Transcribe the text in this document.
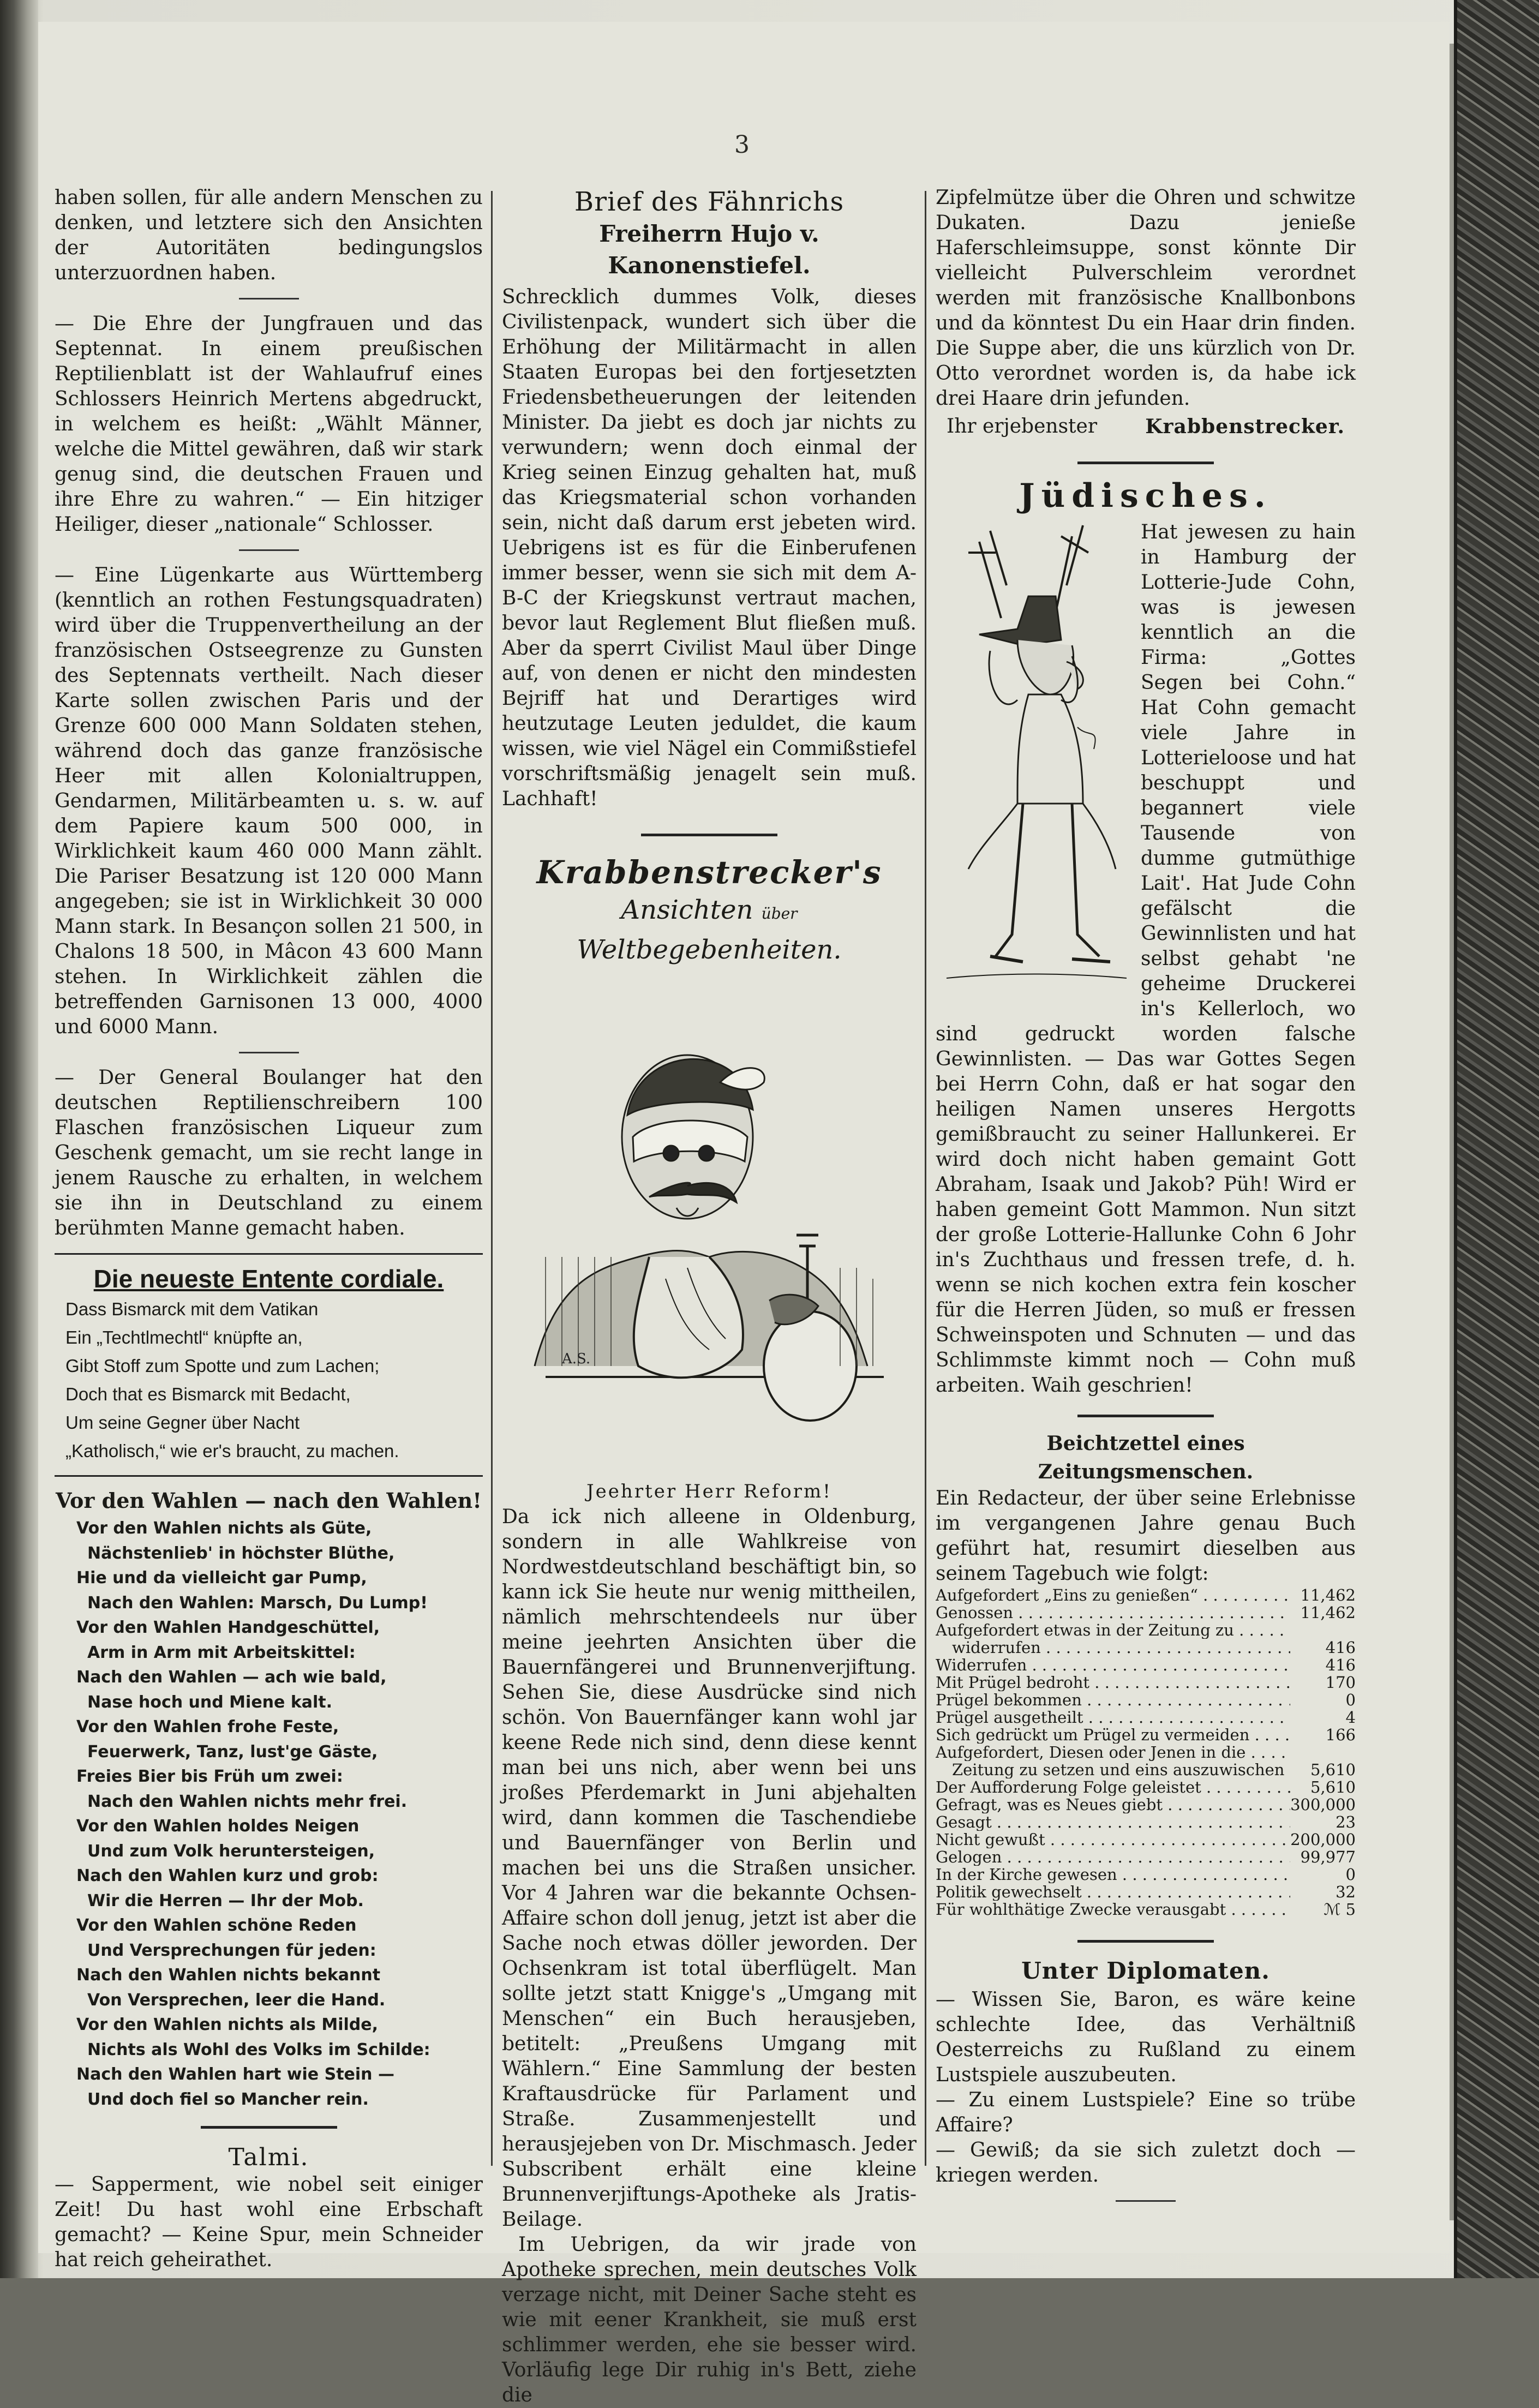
3

haben sollen, für alle andern Menschen zu denken, und letztere sich den Ansichten der Autoritäten bedingungslos unterzuordnen haben.

— Die Ehre der Jungfrauen und das Septennat. In einem preußischen Reptilienblatt ist der Wahlaufruf eines Schlossers Heinrich Mertens abgedruckt, in welchem es heißt: „Wählt Männer, welche die Mittel gewähren, daß wir stark genug sind, die deutschen Frauen und ihre Ehre zu wahren.“ — Ein hitziger Heiliger, dieser „nationale“ Schlosser.

— Eine Lügenkarte aus Württemberg (kenntlich an rothen Festungsquadraten) wird über die Truppenvertheilung an der französischen Ostseegrenze zu Gunsten des Septennats vertheilt. Nach dieser Karte sollen zwischen Paris und der Grenze 600 000 Mann Soldaten stehen, während doch das ganze französische Heer mit allen Kolonialtruppen, Gendarmen, Militärbeamten u. s. w. auf dem Papiere kaum 500 000, in Wirklichkeit kaum 460 000 Mann zählt. Die Pariser Besatzung ist 120 000 Mann angegeben; sie ist in Wirklichkeit 30 000 Mann stark. In Besançon sollen 21 500, in Chalons 18 500, in Mâcon 43 600 Mann stehen. In Wirklichkeit zählen die betreffenden Garnisonen 13 000, 4000 und 6000 Mann.

— Der General Boulanger hat den deutschen Reptilienschreibern 100 Flaschen französischen Liqueur zum Geschenk gemacht, um sie recht lange in jenem Rausche zu erhalten, in welchem sie ihn in Deutschland zu einem berühmten Manne gemacht haben.

Die neueste Entente cordiale.
Dass Bismarck mit dem Vatikan
Ein „Techtlmechtl“ knüpfte an,
Gibt Stoff zum Spotte und zum Lachen;
Doch that es Bismarck mit Bedacht,
Um seine Gegner über Nacht
„Katholisch,“ wie er's braucht, zu machen.
Vor den Wahlen — nach den Wahlen!
Vor den Wahlen nichts als Güte,
Nächstenlieb' in höchster Blüthe,
Hie und da vielleicht gar Pump,
Nach den Wahlen: Marsch, Du Lump!
Vor den Wahlen Handgeschüttel,
Arm in Arm mit Arbeitskittel:
Nach den Wahlen — ach wie bald,
Nase hoch und Miene kalt.
Vor den Wahlen frohe Feste,
Feuerwerk, Tanz, lust'ge Gäste,
Freies Bier bis Früh um zwei:
Nach den Wahlen nichts mehr frei.
Vor den Wahlen holdes Neigen
Und zum Volk heruntersteigen,
Nach den Wahlen kurz und grob:
Wir die Herren — Ihr der Mob.
Vor den Wahlen schöne Reden
Und Versprechungen für jeden:
Nach den Wahlen nichts bekannt
Von Versprechen, leer die Hand.
Vor den Wahlen nichts als Milde,
Nichts als Wohl des Volks im Schilde:
Nach den Wahlen hart wie Stein —
Und doch fiel so Mancher rein.
Talmi.

— Sapperment, wie nobel seit einiger Zeit! Du hast wohl eine Erbschaft gemacht? — Keine Spur, mein Schneider hat reich geheirathet.

Brief des Fähnrichs
Freiherrn Hujo v. Kanonenstiefel.

Schrecklich dummes Volk, dieses Civilistenpack, wundert sich über die Erhöhung der Militärmacht in allen Staaten Europas bei den fortjesetzten Friedensbetheuerungen der leitenden Minister. Da jiebt es doch jar nichts zu verwundern; wenn doch einmal der Krieg seinen Einzug gehalten hat, muß das Kriegsmaterial schon vorhanden sein, nicht daß darum erst jebeten wird. Uebrigens ist es für die Einberufenen immer besser, wenn sie sich mit dem A-B-C der Kriegskunst vertraut machen, bevor laut Reglement Blut fließen muß. Aber da sperrt Civilist Maul über Dinge auf, von denen er nicht den mindesten Bejriff hat und Derartiges wird heutzutage Leuten jeduldet, die kaum wissen, wie viel Nägel ein Commißstiefel vorschriftsmäßig jenagelt sein muß. Lachhaft!

Krabbenstrecker's
Ansichten über Weltbegebenheiten.
A.S.
Jeehrter Herr Reform!

Da ick nich alleene in Oldenburg, sondern in alle Wahlkreise von Nordwestdeutschland beschäftigt bin, so kann ick Sie heute nur wenig mittheilen, nämlich mehrschtendeels nur über meine jeehrten Ansichten über die Bauernfängerei und Brunnenverjiftung. Sehen Sie, diese Ausdrücke sind nich schön. Von Bauernfänger kann wohl jar keene Rede nich sind, denn diese kennt man bei uns nich, aber wenn bei uns jroßes Pferdemarkt in Juni abjehalten wird, dann kommen die Taschendiebe und Bauernfänger von Berlin und machen bei uns die Straßen unsicher. Vor 4 Jahren war die bekannte Ochsen-Affaire schon doll jenug, jetzt ist aber die Sache noch etwas döller jeworden. Der Ochsenkram ist total überflügelt. Man sollte jetzt statt Knigge's „Umgang mit Menschen“ ein Buch herausjeben, betitelt: „Preußens Umgang mit Wählern.“ Eine Sammlung der besten Kraftausdrücke für Parlament und Straße. Zusammenjestellt und herausjejeben von Dr. Mischmasch. Jeder Subscribent erhält eine kleine Brunnenverjiftungs-Apotheke als Jratis-Beilage.

Im Uebrigen, da wir jrade von Apotheke sprechen, mein deutsches Volk verzage nicht, mit Deiner Sache steht es wie mit eener Krankheit, sie muß erst schlimmer werden, ehe sie besser wird. Vorläufig lege Dir ruhig in's Bett, ziehe die

Zipfelmütze über die Ohren und schwitze Dukaten. Dazu jenieße Haferschleimsuppe, sonst könnte Dir vielleicht Pulverschleim verordnet werden mit französische Knallbonbons und da könntest Du ein Haar drin finden. Die Suppe aber, die uns kürzlich von Dr. Otto verordnet worden is, da habe ick drei Haare drin jefunden.

Ihr erjebenster Krabbenstrecker.
Jüdisches.

Hat jewesen zu hain in Hamburg der Lotterie-Jude Cohn, was is jewesen kenntlich an die Firma: „Gottes Segen bei Cohn.“ Hat Cohn gemacht viele Jahre in Lotterieloose und hat beschuppt und begannert viele Tausende von dumme gutmüthige Lait'. Hat Jude Cohn gefälscht die Gewinnlisten und hat selbst gehabt 'ne geheime Druckerei in's Kellerloch, wo sind gedruckt worden falsche Gewinnlisten. — Das war Gottes Segen bei Herrn Cohn, daß er hat sogar den heiligen Namen unseres Hergotts gemißbraucht zu seiner Hallunkerei. Er wird doch nicht haben gemaint Gott Abraham, Isaak und Jakob? Püh! Wird er haben gemeint Gott Mammon. Nun sitzt der große Lotterie-Hallunke Cohn 6 Johr in's Zuchthaus und fressen trefe, d. h. wenn se nich kochen extra fein koscher für die Herren Jüden, so muß er fressen Schweinspoten und Schnuten — und das Schlimmste kimmt noch — Cohn muß arbeiten. Waih geschrien!

Beichtzettel eines Zeitungsmenschen.

Ein Redacteur, der über seine Erlebnisse im vergangenen Jahre genau Buch geführt hat, resumirt dieselben aus seinem Tagebuch wie folgt:

Aufgefordert „Eins zu genießen“ . . .	11,462
Genossen . . .	11,462
Aufgefordert etwas in der Zeitung zu . . .
widerrufen . . .	416
Widerrufen . . .	416
Mit Prügel bedroht . . .	170
Prügel bekommen . . .	0
Prügel ausgetheilt . . .	4
Sich gedrückt um Prügel zu vermeiden . . .	166
Aufgefordert, Diesen oder Jenen in die . . .
Zeitung zu setzen und eins auszuwischen . . .	5,610
Der Aufforderung Folge geleistet . . .	5,610
Gefragt, was es Neues giebt . . .	300,000
Gesagt . . .	23
Nicht gewußt . . .	200,000
Gelogen . . .	99,977
In der Kirche gewesen . . .	0
Politik gewechselt . . .	32
Für wohlthätige Zwecke verausgabt . . .	ℳ 5
Unter Diplomaten.

— Wissen Sie, Baron, es wäre keine schlechte Idee, das Verhältniß Oesterreichs zu Rußland zu einem Lustspiele auszubeuten.

— Zu einem Lustspiele? Eine so trübe Affaire?

— Gewiß; da sie sich zuletzt doch — kriegen werden.
